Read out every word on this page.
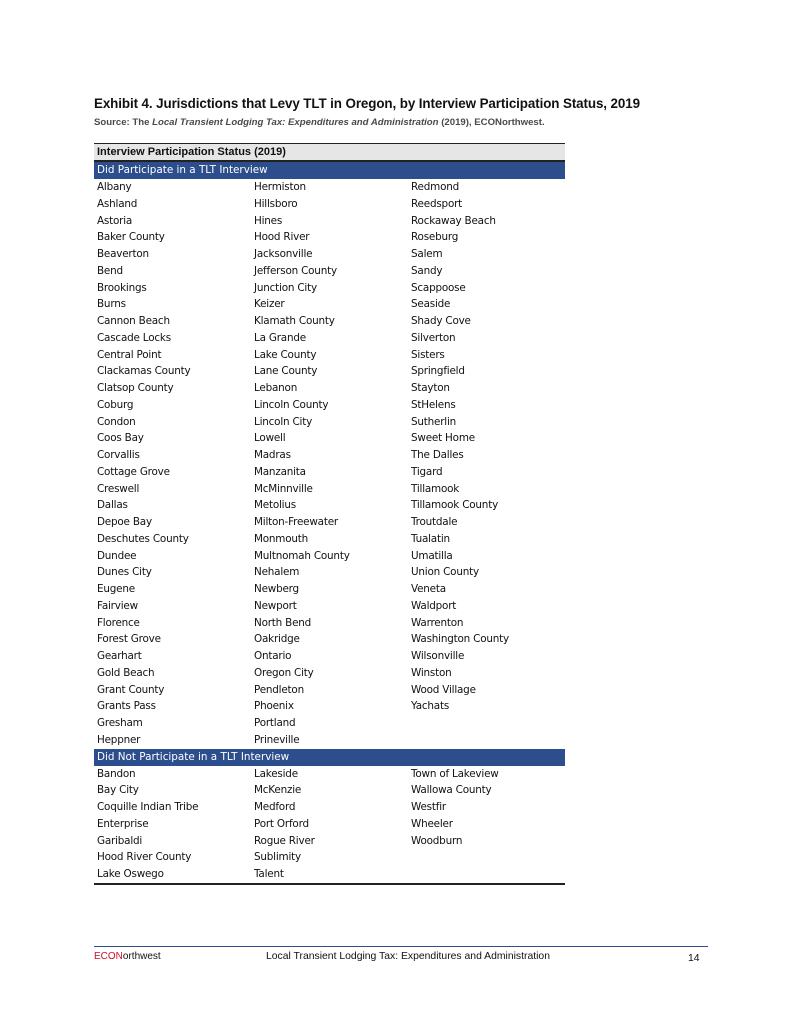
Exhibit 4. Jurisdictions that Levy TLT in Oregon, by Interview Participation Status, 2019
Source: The Local Transient Lodging Tax: Expenditures and Administration (2019), ECONorthwest.
Interview Participation Status (2019)
Did Participate in a TLT Interview
Albany	Hermiston	Redmond
Ashland	Hillsboro	Reedsport
Astoria	Hines	Rockaway Beach
Baker County	Hood River	Roseburg
Beaverton	Jacksonville	Salem
Bend	Jefferson County	Sandy
Brookings	Junction City	Scappoose
Burns	Keizer	Seaside
Cannon Beach	Klamath County	Shady Cove
Cascade Locks	La Grande	Silverton
Central Point	Lake County	Sisters
Clackamas County	Lane County	Springfield
Clatsop County	Lebanon	Stayton
Coburg	Lincoln County	StHelens
Condon	Lincoln City	Sutherlin
Coos Bay	Lowell	Sweet Home
Corvallis	Madras	The Dalles
Cottage Grove	Manzanita	Tigard
Creswell	McMinnville	Tillamook
Dallas	Metolius	Tillamook County
Depoe Bay	Milton-Freewater	Troutdale
Deschutes County	Monmouth	Tualatin
Dundee	Multnomah County	Umatilla
Dunes City	Nehalem	Union County
Eugene	Newberg	Veneta
Fairview	Newport	Waldport
Florence	North Bend	Warrenton
Forest Grove	Oakridge	Washington County
Gearhart	Ontario	Wilsonville
Gold Beach	Oregon City	Winston
Grant County	Pendleton	Wood Village
Grants Pass	Phoenix	Yachats
Gresham	Portland
Heppner	Prineville
Did Not Participate in a TLT Interview
Bandon	Lakeside	Town of Lakeview
Bay City	McKenzie	Wallowa County
Coquille Indian Tribe	Medford	Westfir
Enterprise	Port Orford	Wheeler
Garibaldi	Rogue River	Woodburn
Hood River County	Sublimity
Lake Oswego	Talent
ECONorthwest	Local Transient Lodging Tax: Expenditures and Administration	14
